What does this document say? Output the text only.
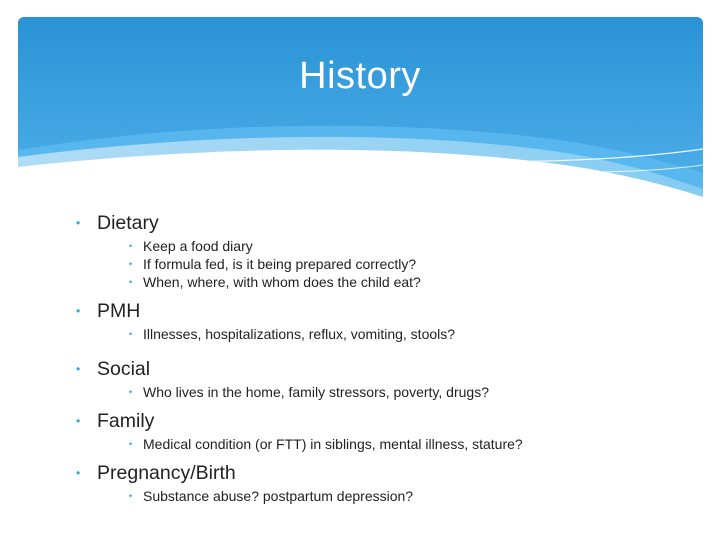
History
• Dietary
• Keep a food diary
• If formula fed, is it being prepared correctly?
• When, where, with whom does the child eat?
• PMH
• Illnesses, hospitalizations, reflux, vomiting, stools?
• Social
• Who lives in the home, family stressors, poverty, drugs?
• Family
• Medical condition (or FTT) in siblings, mental illness, stature?
• Pregnancy/Birth
• Substance abuse? postpartum depression?
